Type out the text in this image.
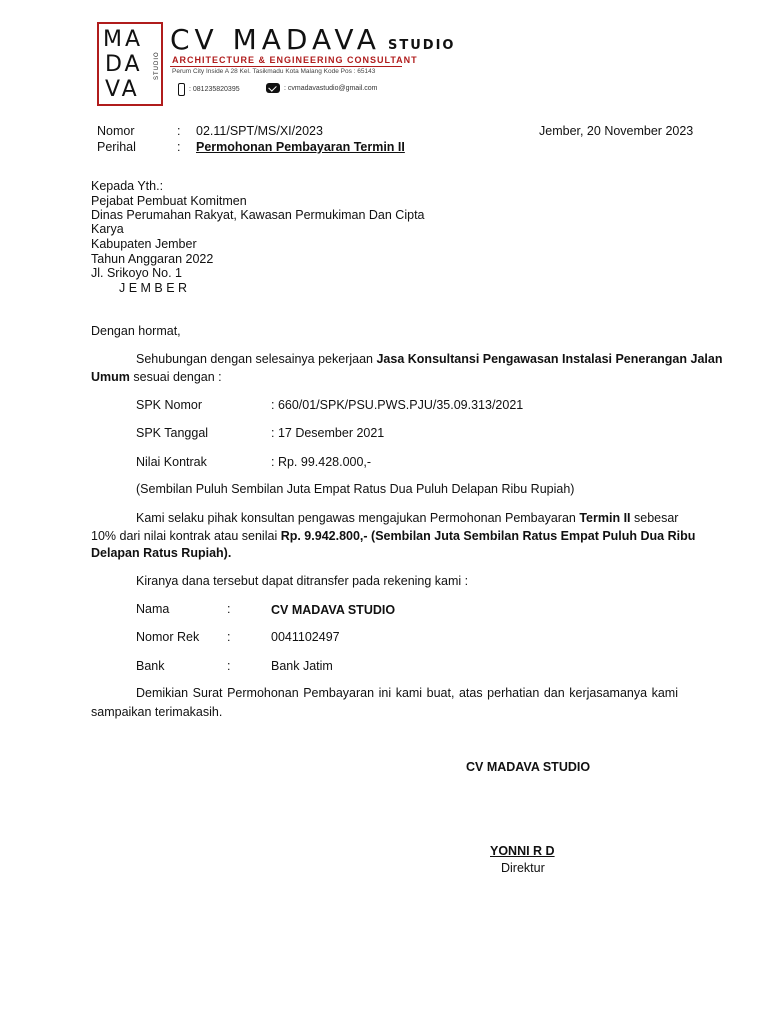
MA
DA
VA
STUDIO
CV MADAVA STUDIO
ARCHITECTURE & ENGINEERING CONSULTANT
Perum City Inside A 28 Kel. Tasikmadu Kota Malang Kode Pos : 65143
: 081235820395	: cvmadavastudio@gmail.com
Nomor	: 02.11/SPT/MS/XI/2023	Jember, 20 November 2023
Perihal	: Permohonan Pembayaran Termin II
Kepada Yth.:
Pejabat Pembuat Komitmen
Dinas Perumahan Rakyat, Kawasan Permukiman Dan Cipta
Karya
Kabupaten Jember
Tahun Anggaran 2022
Jl. Srikoyo No. 1
J E M B E R
Dengan hormat,
Sehubungan dengan selesainya pekerjaan Jasa Konsultansi Pengawasan Instalasi Penerangan Jalan
Umum sesuai dengan :
SPK Nomor	: 660/01/SPK/PSU.PWS.PJU/35.09.313/2021
SPK Tanggal	: 17 Desember 2021
Nilai Kontrak	: Rp. 99.428.000,-
(Sembilan Puluh Sembilan Juta Empat Ratus Dua Puluh Delapan Ribu Rupiah)
Kami selaku pihak konsultan pengawas mengajukan Permohonan Pembayaran Termin II sebesar
10% dari nilai kontrak atau senilai Rp. 9.942.800,- (Sembilan Juta Sembilan Ratus Empat Puluh Dua Ribu
Delapan Ratus Rupiah).
Kiranya dana tersebut dapat ditransfer pada rekening kami :
Nama	:	CV MADAVA STUDIO
Nomor Rek :	0041102497
Bank	:	Bank Jatim
Demikian Surat Permohonan Pembayaran ini kami buat, atas perhatian dan kerjasamanya kami
sampaikan terimakasih.
CV MADAVA STUDIO
YONNI R D
Direktur
